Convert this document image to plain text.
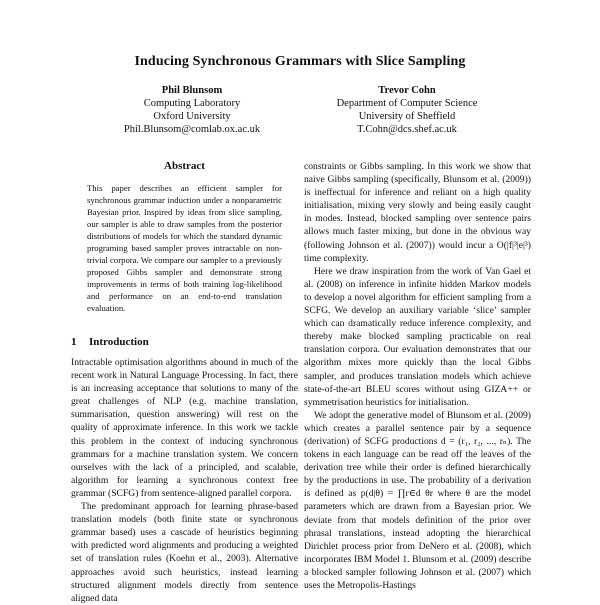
Inducing Synchronous Grammars with Slice Sampling
Phil Blunsom
Computing Laboratory
Oxford University
Phil.Blunsom@comlab.ox.ac.uk
Trevor Cohn
Department of Computer Science
University of Sheffield
T.Cohn@dcs.shef.ac.uk
Abstract
This paper describes an efficient sampler for synchronous grammar induction under a nonparametric Bayesian prior. Inspired by ideas from slice sampling, our sampler is able to draw samples from the posterior distributions of models for which the standard dynamic programing based sampler proves intractable on non-trivial corpora. We compare our sampler to a previously proposed Gibbs sampler and demonstrate strong improvements in terms of both training log-likelihood and performance on an end-to-end translation evaluation.
1 Introduction

Intractable optimisation algorithms abound in much of the recent work in Natural Language Processing. In fact, there is an increasing acceptance that solutions to many of the great challenges of NLP (e.g. machine translation, summarisation, question answering) will rest on the quality of approximate inference. In this work we tackle this problem in the context of inducing synchronous grammars for a machine translation system. We concern ourselves with the lack of a principled, and scalable, algorithm for learning a synchronous context free grammar (SCFG) from sentence-aligned parallel corpora.

The predominant approach for learning phrase-based translation models (both finite state or synchronous grammar based) uses a cascade of heuristics beginning with predicted word alignments and producing a weighted set of translation rules (Koehn et al., 2003). Alternative approaches avoid such heuristics, instead learning structured alignment models directly from sentence aligned data

constraints or Gibbs sampling. In this work we show that naive Gibbs sampling (specifically, Blunsom et al. (2009)) is ineffectual for inference and reliant on a high quality initialisation, mixing very slowly and being easily caught in modes. Instead, blocked sampling over sentence pairs allows much faster mixing, but done in the obvious way (following Johnson et al. (2007)) would incur a O(|f|³|e|³) time complexity.

Here we draw inspiration from the work of Van Gael et al. (2008) on inference in infinite hidden Markov models to develop a novel algorithm for efficient sampling from a SCFG. We develop an auxiliary variable ‘slice’ sampler which can dramatically reduce inference complexity, and thereby make blocked sampling practicable on real translation corpora. Our evaluation demonstrates that our algorithm mixes more quickly than the local Gibbs sampler, and produces translation models which achieve state-of-the-art BLEU scores without using GIZA++ or symmetrisation heuristics for initialisation.

We adopt the generative model of Blunsom et al. (2009) which creates a parallel sentence pair by a sequence (derivation) of SCFG productions d = (r₁, r₂, ..., rₙ). The tokens in each language can be read off the leaves of the derivation tree while their order is defined hierarchically by the productions in use. The probability of a derivation is defined as p(d|θ) = ∏r∈d θr where θ are the model parameters which are drawn from a Bayesian prior. We deviate from that models definition of the prior over phrasal translations, instead adopting the hierarchical Dirichlet process prior from DeNero et al. (2008), which incorporates IBM Model 1. Blunsom et al. (2009) describe a blocked sampler following Johnson et al. (2007) which uses the Metropolis-Hastings
